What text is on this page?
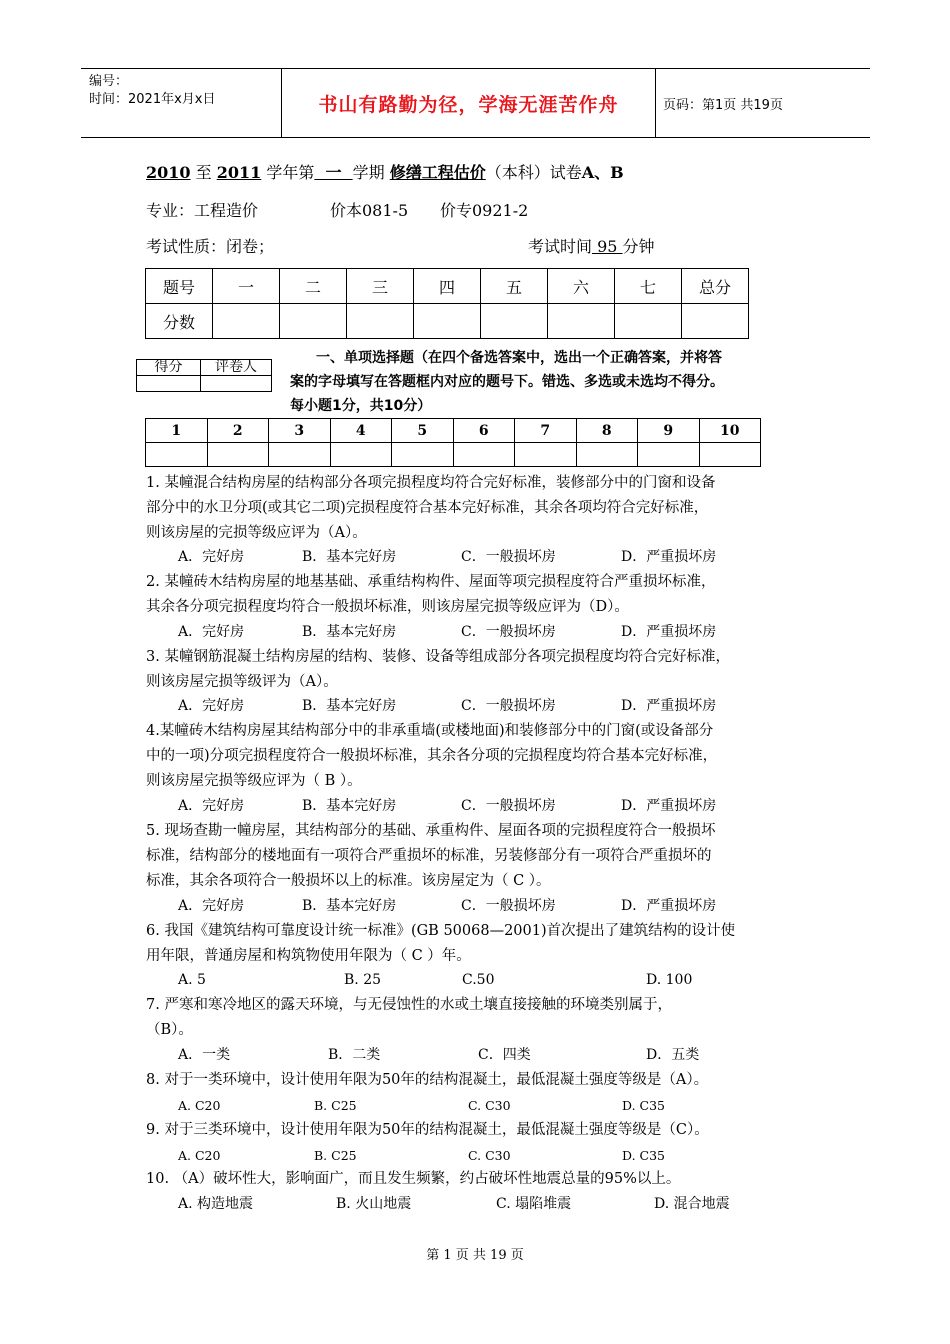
编号：
时间：2021年x月x日	书山有路勤为径，学海无涯苦作舟	页码：第1页 共19页
2010 至 2011 学年第  一  学期 修缮工程估价（本科）试卷A、B
专业：工程造价	价本081-5 价专0921-2
考试性质：闭卷；	考试时间 95 分钟
题号	一	二	三	四	五	六	七	总分
分数								
得分	评卷人

一、单项选择题（在四个备选答案中，选出一个正确答案，并将答
案的字母填写在答题框内对应的题号下。错选、多选或未选均不得分。
每小题1分，共10分）
1	2	3	4	5	6	7	8	9	10

1. 某幢混合结构房屋的结构部分各项完损程度均符合完好标准，装修部分中的门窗和设备
部分中的水卫分项(或其它二项)完损程度符合基本完好标准，其余各项均符合完好标准，
则该房屋的完损等级应评为（A）。
A．完好房	B．基本完好房	C．一般损坏房	D．严重损坏房
2. 某幢砖木结构房屋的地基基础、承重结构构件、屋面等项完损程度符合严重损坏标准，
其余各分项完损程度均符合一般损坏标准，则该房屋完损等级应评为（D）。
A．完好房	B．基本完好房	C．一般损坏房	D．严重损坏房
3. 某幢钢筋混凝土结构房屋的结构、装修、设备等组成部分各项完损程度均符合完好标准，
则该房屋完损等级评为（A）。
A．完好房	B．基本完好房	C．一般损坏房	D．严重损坏房
4.某幢砖木结构房屋其结构部分中的非承重墙(或楼地面)和装修部分中的门窗(或设备部分
中的一项)分项完损程度符合一般损坏标准，其余各分项的完损程度均符合基本完好标准，
则该房屋完损等级应评为（ B ）。
A．完好房	B．基本完好房	C．一般损坏房	D．严重损坏房
5. 现场查勘一幢房屋，其结构部分的基础、承重构件、屋面各项的完损程度符合一般损坏
标准，结构部分的楼地面有一项符合严重损坏的标准，另装修部分有一项符合严重损坏的
标准，其余各项符合一般损坏以上的标准。该房屋定为（ C ）。
A．完好房	B．基本完好房	C．一般损坏房	D．严重损坏房
6. 我国《建筑结构可靠度设计统一标准》(GB 50068—2001)首次提出了建筑结构的设计使
用年限，普通房屋和构筑物使用年限为（ C ）年。
A. 5	B. 25	C.50	D. 100
7. 严寒和寒冷地区的露天环境，与无侵蚀性的水或土壤直接接触的环境类别属于，
（B）。
A．一类	B．二类	C．四类	D．五类
8. 对于一类环境中，设计使用年限为50年的结构混凝土，最低混凝土强度等级是（A）。
A. C20	B. C25	C. C30	D. C35
9. 对于三类环境中，设计使用年限为50年的结构混凝土，最低混凝土强度等级是（C）。
A. C20	B. C25	C. C30	D. C35
10. （A）破坏性大，影响面广，而且发生频繁，约占破坏性地震总量的95%以上。
A. 构造地震	B. 火山地震	C. 塌陷堆震	D. 混合地震
第 1 页 共 19 页
